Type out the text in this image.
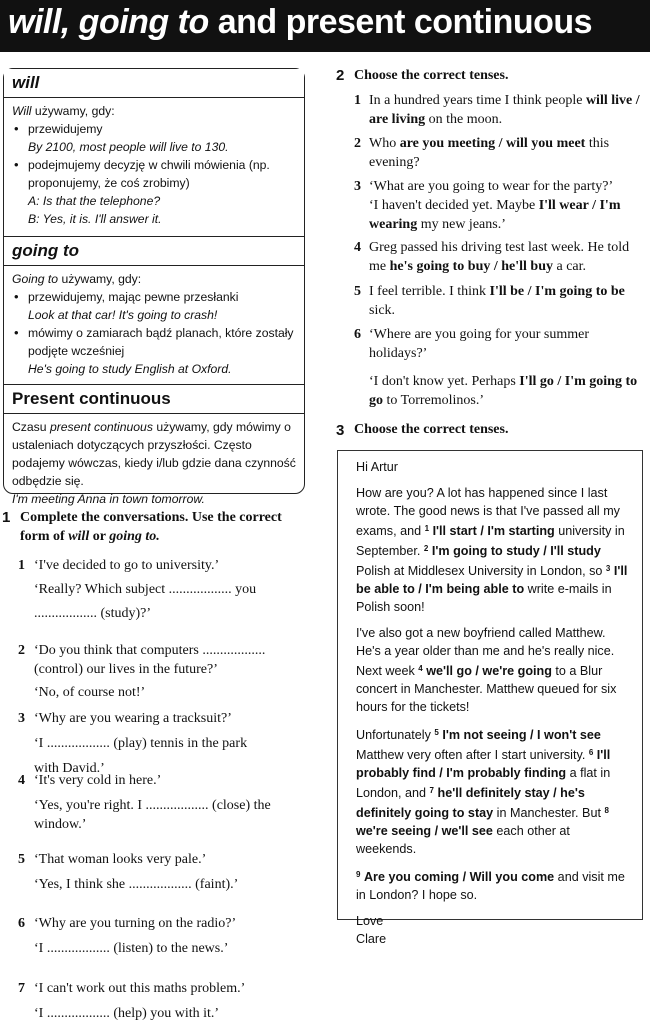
will, going to and present continuous
will

Will używamy, gdy:

• przewidujemy
By 2100, most people will live to 130.
• podejmujemy decyzję w chwili mówienia (np. proponujemy, że coś zrobimy)
A: Is that the telephone?
B: Yes, it is. I'll answer it.
going to

Going to używamy, gdy:

• przewidujemy, mając pewne przesłanki
Look at that car! It's going to crash!
• mówimy o zamiarach bądź planach, które zostały podjęte wcześniej
He's going to study English at Oxford.
Present continuous

Czasu present continuous używamy, gdy mówimy o ustaleniach dotyczących przyszłości. Często podajemy wówczas, kiedy i/lub gdzie dana czynność odbędzie się.

I'm meeting Anna in town tomorrow.

1 Complete the conversations. Use the correct form of will or going to.
1 ‘I've decided to go to university.’
‘Really? Which subject .................. you
.................. (study)?’
2 ‘Do you think that computers ..................
(control) our lives in the future?’
‘No, of course not!’
3 ‘Why are you wearing a tracksuit?’
‘I .................. (play) tennis in the park
with David.’
4 ‘It's very cold in here.’
‘Yes, you're right. I .................. (close) the
window.’
5 ‘That woman looks very pale.’
‘Yes, I think she .................. (faint).’
6 ‘Why are you turning on the radio?’
‘I .................. (listen) to the news.’
7 ‘I can't work out this maths problem.’
‘I .................. (help) you with it.’
2 Choose the correct tenses.
1 In a hundred years time I think people will live / are living on the moon.
2 Who are you meeting / will you meet this evening?
3 ‘What are you going to wear for the party?’
‘I haven't decided yet. Maybe I'll wear / I'm wearing my new jeans.’
4 Greg passed his driving test last week. He told me he's going to buy / he'll buy a car.
5 I feel terrible. I think I'll be / I'm going to be sick.
6 ‘Where are you going for your summer holidays?’
‘I don't know yet. Perhaps I'll go / I'm going to go to Torremolinos.’
3 Choose the correct tenses.

Hi Artur

How are you? A lot has happened since I last wrote. The good news is that I've passed all my exams, and $^1$ I'll start / I'm starting university in September. $^2$ I'm going to study / I'll study Polish at Middlesex University in London, so $^3$ I'll be able to / I'm being able to write e-mails in Polish soon!

I've also got a new boyfriend called Matthew. He's a year older than me and he's really nice. Next week $^4$ we'll go / we're going to a Blur concert in Manchester. Matthew queued for six hours for the tickets!

Unfortunately $^5$ I'm not seeing / I won't see Matthew very often after I start university. $^6$ I'll probably find / I'm probably finding a flat in London, and $^7$ he'll definitely stay / he's definitely going to stay in Manchester. But $^8$ we're seeing / we'll see each other at weekends.

$^9$ Are you coming / Will you come and visit me in London? I hope so.

Love
Clare
